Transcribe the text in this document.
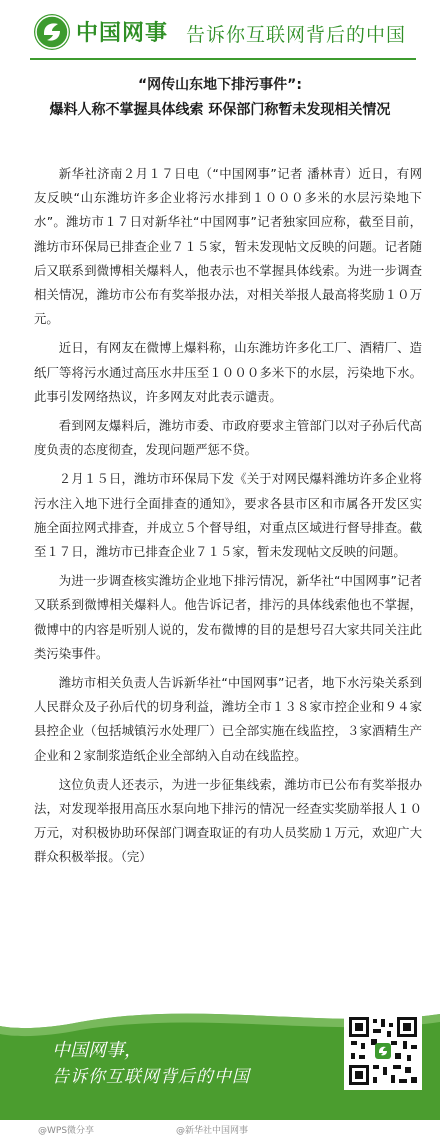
中国网事 告诉你互联网背后的中国
“网传山东地下排污事件”:
爆料人称不掌握具体线索 环保部门称暂未发现相关情况

新华社济南２月１７日电（“中国网事”记者 潘林青）近日，有网友反映“山东潍坊许多企业将污水排到１０００多米的水层污染地下水”。潍坊市１７日对新华社“中国网事”记者独家回应称，截至目前，潍坊市环保局已排查企业７１５家，暂未发现帖文反映的问题。记者随后又联系到微博相关爆料人，他表示也不掌握具体线索。为进一步调查相关情况，潍坊市公布有奖举报办法，对相关举报人最高将奖励１０万元。

近日，有网友在微博上爆料称，山东潍坊许多化工厂、酒精厂、造纸厂等将污水通过高压水井压至１０００多米下的水层，污染地下水。此事引发网络热议，许多网友对此表示谴责。

看到网友爆料后，潍坊市委、市政府要求主管部门以对子孙后代高度负责的态度彻查，发现问题严惩不贷。

２月１５日，潍坊市环保局下发《关于对网民爆料潍坊许多企业将污水注入地下进行全面排查的通知》，要求各县市区和市属各开发区实施全面拉网式排查，并成立５个督导组，对重点区域进行督导排查。截至１７日，潍坊市已排查企业７１５家，暂未发现帖文反映的问题。

为进一步调查核实潍坊企业地下排污情况，新华社“中国网事”记者又联系到微博相关爆料人。他告诉记者，排污的具体线索他也不掌握，微博中的内容是听别人说的，发布微博的目的是想号召大家共同关注此类污染事件。

潍坊市相关负责人告诉新华社“中国网事”记者，地下水污染关系到人民群众及子孙后代的切身利益，潍坊全市１３８家市控企业和９４家县控企业（包括城镇污水处理厂）已全部实施在线监控，３家酒精生产企业和２家制浆造纸企业全部纳入自动在线监控。

这位负责人还表示，为进一步征集线索，潍坊市已公布有奖举报办法，对发现举报用高压水泵向地下排污的情况一经查实奖励举报人１０万元，对积极协助环保部门调查取证的有功人员奖励１万元，欢迎广大群众积极举报。（完）

中国网事，
告诉你互联网背后的中国
@WPS微分享	@新华社中国网事
